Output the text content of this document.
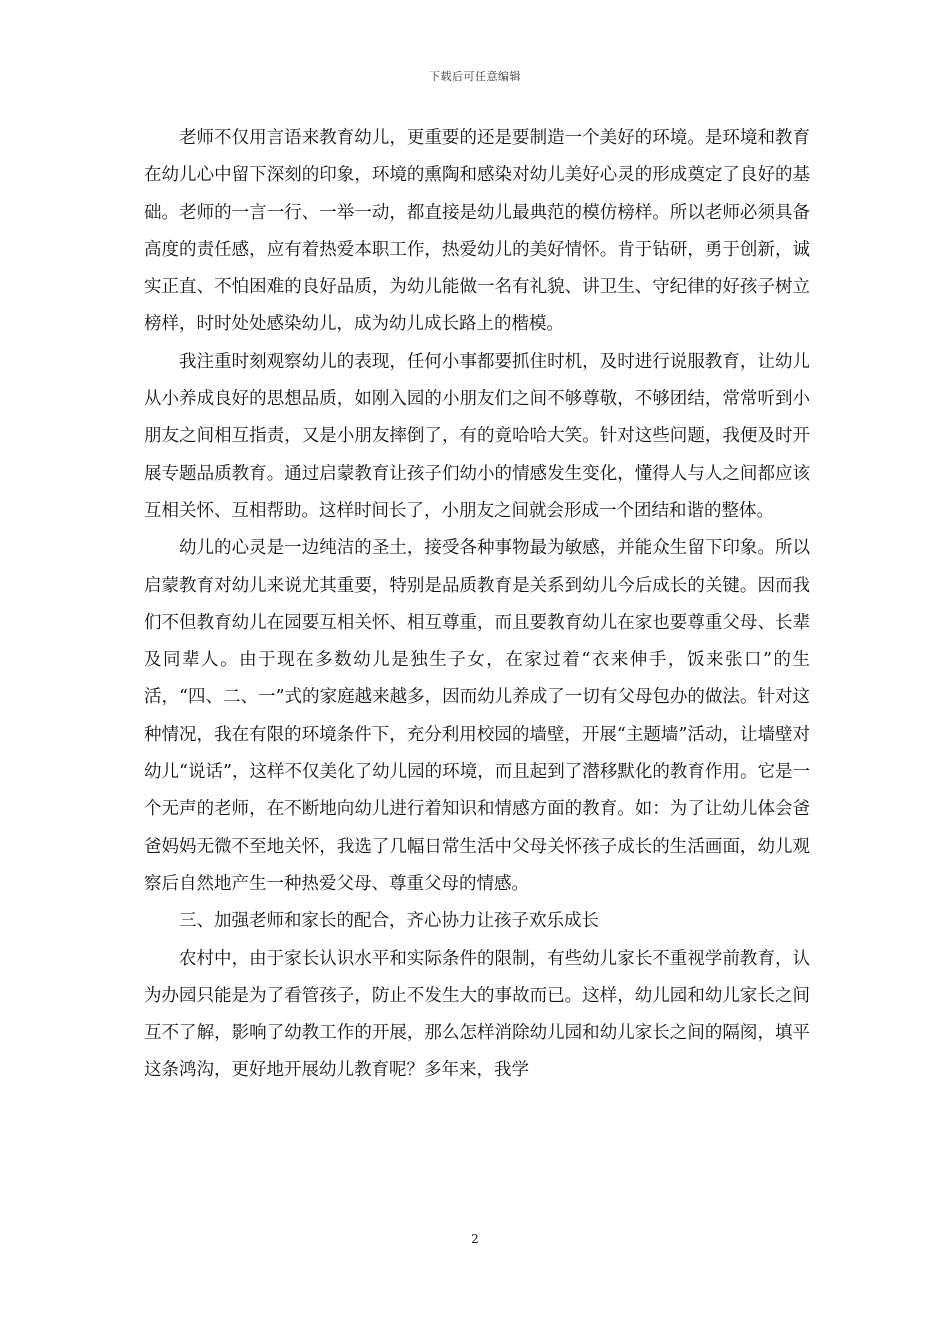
下载后可任意编辑

老师不仅用言语来教育幼儿，更重要的还是要制造一个美好的环境。是环境和教育在幼儿心中留下深刻的印象，环境的熏陶和感染对幼儿美好心灵的形成奠定了良好的基础。老师的一言一行、一举一动，都直接是幼儿最典范的模仿榜样。所以老师必须具备高度的责任感，应有着热爱本职工作，热爱幼儿的美好情怀。肯于钻研，勇于创新，诚实正直、不怕困难的良好品质，为幼儿能做一名有礼貌、讲卫生、守纪律的好孩子树立榜样，时时处处感染幼儿，成为幼儿成长路上的楷模。

我注重时刻观察幼儿的表现，任何小事都要抓住时机，及时进行说服教育，让幼儿从小养成良好的思想品质，如刚入园的小朋友们之间不够尊敬，不够团结，常常听到小朋友之间相互指责，又是小朋友摔倒了，有的竟哈哈大笑。针对这些问题，我便及时开展专题品质教育。通过启蒙教育让孩子们幼小的情感发生变化，懂得人与人之间都应该互相关怀、互相帮助。这样时间长了，小朋友之间就会形成一个团结和谐的整体。

幼儿的心灵是一边纯洁的圣土，接受各种事物最为敏感，并能众生留下印象。所以启蒙教育对幼儿来说尤其重要，特别是品质教育是关系到幼儿今后成长的关键。因而我们不但教育幼儿在园要互相关怀、相互尊重，而且要教育幼儿在家也要尊重父母、长辈及同辈人。由于现在多数幼儿是独生子女，在家过着“衣来伸手，饭来张口”的生活，“四、二、一”式的家庭越来越多，因而幼儿养成了一切有父母包办的做法。针对这种情况，我在有限的环境条件下，充分利用校园的墙壁，开展“主题墙”活动，让墙壁对幼儿“说话”，这样不仅美化了幼儿园的环境，而且起到了潜移默化的教育作用。它是一个无声的老师，在不断地向幼儿进行着知识和情感方面的教育。如：为了让幼儿体会爸爸妈妈无微不至地关怀，我选了几幅日常生活中父母关怀孩子成长的生活画面，幼儿观察后自然地产生一种热爱父母、尊重父母的情感。

三、加强老师和家长的配合，齐心协力让孩子欢乐成长

农村中，由于家长认识水平和实际条件的限制，有些幼儿家长不重视学前教育，认为办园只能是为了看管孩子，防止不发生大的事故而已。这样，幼儿园和幼儿家长之间互不了解，影响了幼教工作的开展，那么怎样消除幼儿园和幼儿家长之间的隔阂，填平这条鸿沟，更好地开展幼儿教育呢？多年来，我学

2
